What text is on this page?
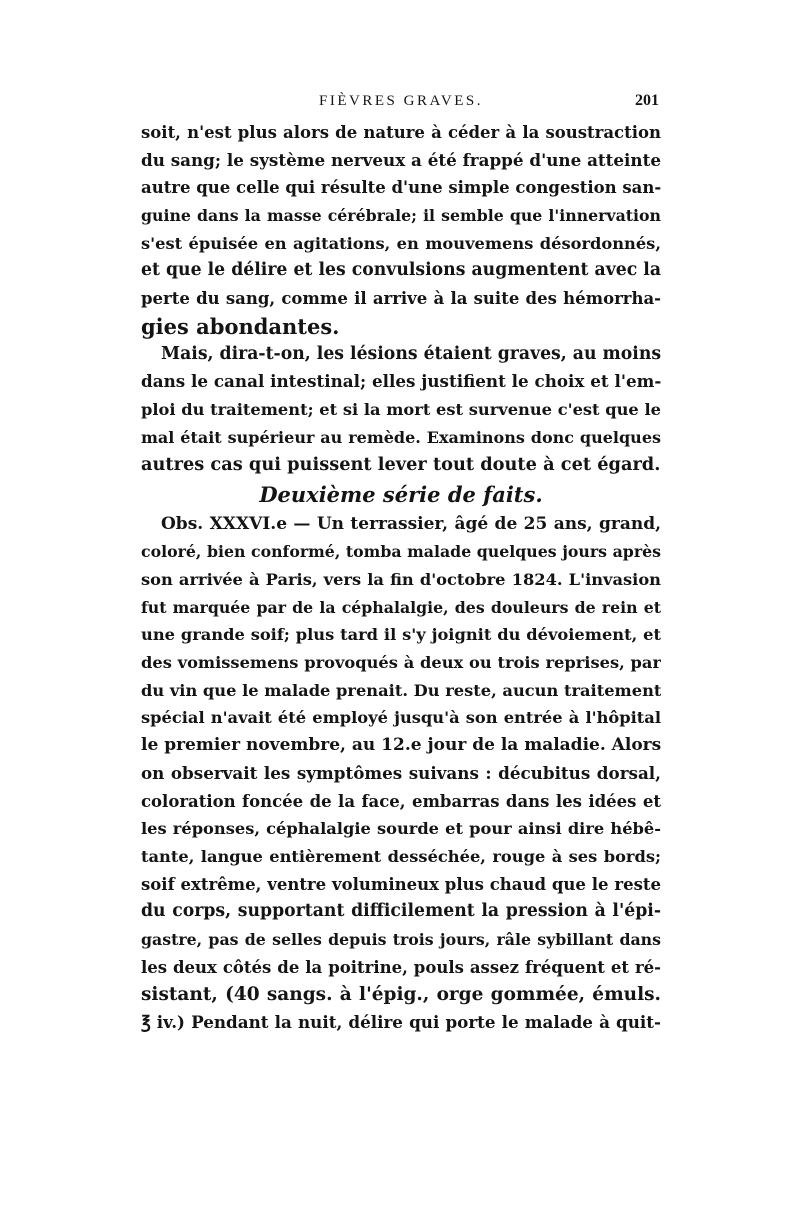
FIÈVRES GRAVES.	201
soit, n'est plus alors de nature à céder à la soustraction
du sang; le système nerveux a été frappé d'une atteinte
autre que celle qui résulte d'une simple congestion san-
guine dans la masse cérébrale; il semble que l'innervation
s'est épuisée en agitations, en mouvemens désordonnés,
et que le délire et les convulsions augmentent avec la
perte du sang, comme il arrive à la suite des hémorrha-
gies abondantes.
Mais, dira-t-on, les lésions étaient graves, au moins
dans le canal intestinal; elles justifient le choix et l'em-
ploi du traitement; et si la mort est survenue c'est que le
mal était supérieur au remède. Examinons donc quelques
autres cas qui puissent lever tout doute à cet égard.
Deuxième série de faits.
Obs. XXXVI.e — Un terrassier, âgé de 25 ans, grand,
coloré, bien conformé, tomba malade quelques jours après
son arrivée à Paris, vers la fin d'octobre 1824. L'invasion
fut marquée par de la céphalalgie, des douleurs de rein et
une grande soif; plus tard il s'y joignit du dévoiement, et
des vomissemens provoqués à deux ou trois reprises, par
du vin que le malade prenait. Du reste, aucun traitement
spécial n'avait été employé jusqu'à son entrée à l'hôpital
le premier novembre, au 12.e jour de la maladie. Alors
on observait les symptômes suivans : décubitus dorsal,
coloration foncée de la face, embarras dans les idées et
les réponses, céphalalgie sourde et pour ainsi dire hébê-
tante, langue entièrement desséchée, rouge à ses bords;
soif extrême, ventre volumineux plus chaud que le reste
du corps, supportant difficilement la pression à l'épi-
gastre, pas de selles depuis trois jours, râle sybillant dans
les deux côtés de la poitrine, pouls assez fréquent et ré-
sistant, (40 sangs. à l'épig., orge gommée, émuls.
℥ iv.) Pendant la nuit, délire qui porte le malade à quit-
